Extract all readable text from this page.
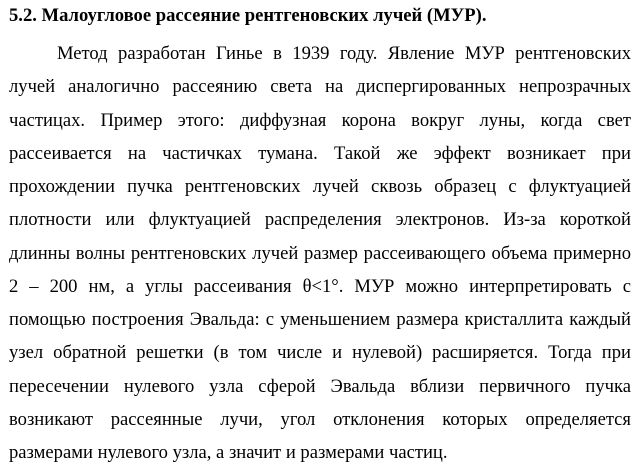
5.2. Малоугловое рассеяние рентгеновских лучей (МУР).
Метод разработан Гинье в 1939 году. Явление МУР рентгеновских
лучей аналогично рассеянию света на диспергированных непрозрачных
частицах. Пример этого: диффузная корона вокруг луны, когда свет
рассеивается на частичках тумана. Такой же эффект возникает при
прохождении пучка рентгеновских лучей сквозь образец с флуктуацией
плотности или флуктуацией распределения электронов. Из-за короткой
длинны волны рентгеновских лучей размер рассеивающего объема примерно
2 – 200 нм, а углы рассеивания θ<1°. МУР можно интерпретировать с
помощью построения Эвальда: с уменьшением размера кристаллита каждый
узел обратной решетки (в том числе и нулевой) расширяется. Тогда при
пересечении нулевого узла сферой Эвальда вблизи первичного пучка
возникают рассеянные лучи, угол отклонения которых определяется
размерами нулевого узла, а значит и размерами частиц.
